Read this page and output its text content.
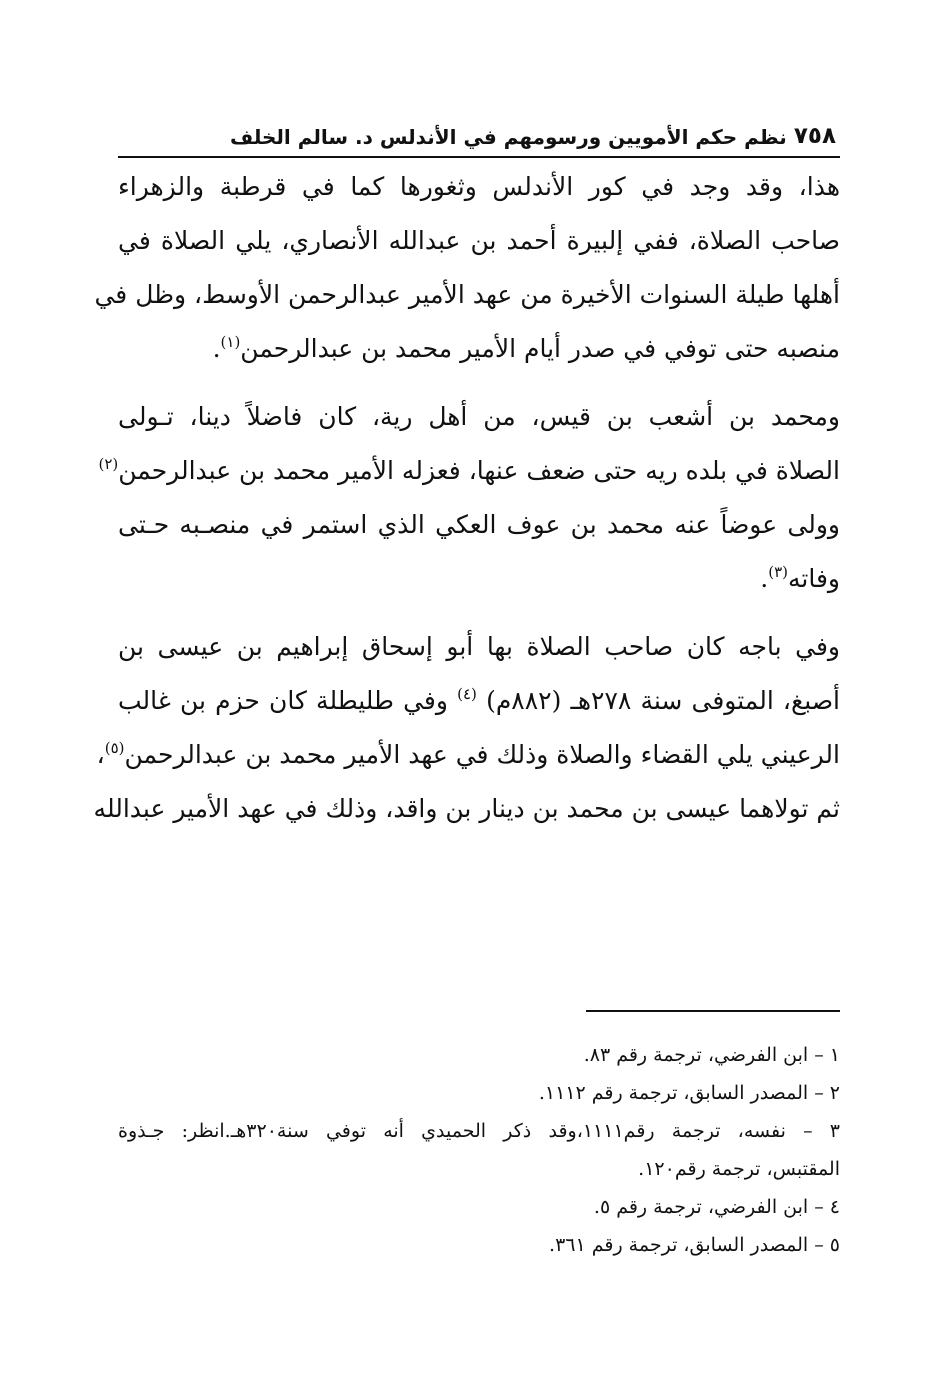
٧٥٨
نظم حكم الأمويين ورسومهم في الأندلس د. سالم الخلف
هذا، وقد وجد في كور الأندلس وثغورها كما في قرطبة والزهراء
صاحب الصلاة، ففي إلبيرة أحمد بن عبدالله الأنصاري، يلي الصلاة في
أهلها طيلة السنوات الأخيرة من عهد الأمير عبدالرحمن الأوسط، وظل في
منصبه حتى توفي في صدر أيام الأمير محمد بن عبدالرحمن$^{(١)}$.
ومحمد بن أشعب بن قيس، من أهل رية، كان فاضلاً دينا، تـولى
الصلاة في بلده ريه حتى ضعف عنها، فعزله الأمير محمد بن عبدالرحمن$^{(٢)}$
وولى عوضاً عنه محمد بن عوف العكي الذي استمر في منصـبه حـتى
وفاته$^{(٣)}$.
وفي باجه كان صاحب الصلاة بها أبو إسحاق إبراهيم بن عيسى بن
أصبغ، المتوفى سنة ٢٧٨هـ (٨٨٢م) $^{(٤)}$ وفي طليطلة كان حزم بن غالب
الرعيني يلي القضاء والصلاة وذلك في عهد الأمير محمد بن عبدالرحمن$^{(٥)}$،
ثم تولاهما عيسى بن محمد بن دينار بن واقد، وذلك في عهد الأمير عبدالله
١ – ابن الفرضي، ترجمة رقم ٨٣.
٢ – المصدر السابق، ترجمة رقم ١١١٢.
٣ – نفسه، ترجمة رقم١١١١،وقد ذكر الحميدي أنه توفي سنة٣٢٠هـ.انظر: جـذوة
المقتبس، ترجمة رقم١٢٠.
٤ – ابن الفرضي، ترجمة رقم ٥.
٥ – المصدر السابق، ترجمة رقم ٣٦١.
